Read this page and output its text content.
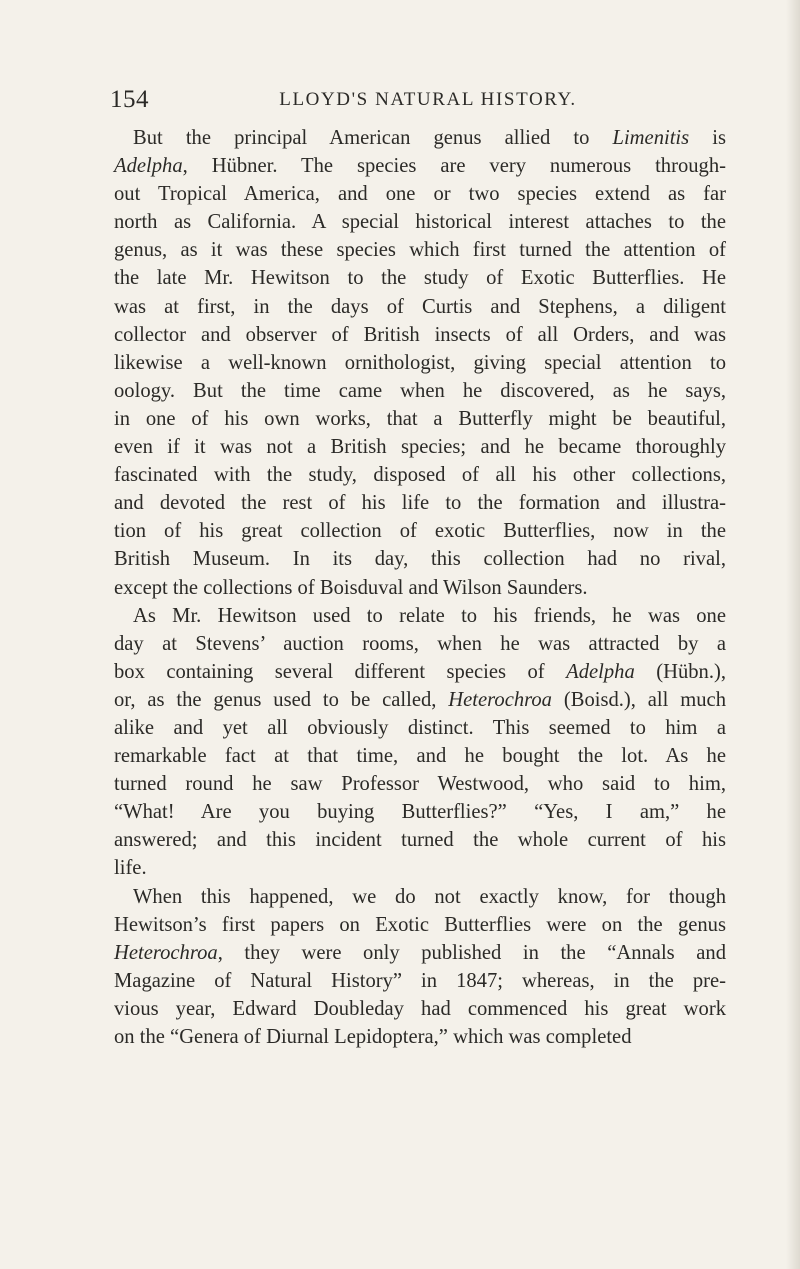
154	LLOYD'S NATURAL HISTORY.
But the principal American genus allied to Limenitis is
Adelpha, Hübner. The species are very numerous through-
out Tropical America, and one or two species extend as far
north as California. A special historical interest attaches to the
genus, as it was these species which first turned the attention of
the late Mr. Hewitson to the study of Exotic Butterflies. He
was at first, in the days of Curtis and Stephens, a diligent
collector and observer of British insects of all Orders, and was
likewise a well-known ornithologist, giving special attention to
oology. But the time came when he discovered, as he says,
in one of his own works, that a Butterfly might be beautiful,
even if it was not a British species; and he became thoroughly
fascinated with the study, disposed of all his other collections,
and devoted the rest of his life to the formation and illustra-
tion of his great collection of exotic Butterflies, now in the
British Museum. In its day, this collection had no rival,
except the collections of Boisduval and Wilson Saunders.
As Mr. Hewitson used to relate to his friends, he was one
day at Stevens’ auction rooms, when he was attracted by a
box containing several different species of Adelpha (Hübn.),
or, as the genus used to be called, Heterochroa (Boisd.), all much
alike and yet all obviously distinct. This seemed to him a
remarkable fact at that time, and he bought the lot. As he
turned round he saw Professor Westwood, who said to him,
“What! Are you buying Butterflies?” “Yes, I am,” he
answered; and this incident turned the whole current of his
life.
When this happened, we do not exactly know, for though
Hewitson’s first papers on Exotic Butterflies were on the genus
Heterochroa, they were only published in the “Annals and
Magazine of Natural History” in 1847; whereas, in the pre-
vious year, Edward Doubleday had commenced his great work
on the “Genera of Diurnal Lepidoptera,” which was completed
